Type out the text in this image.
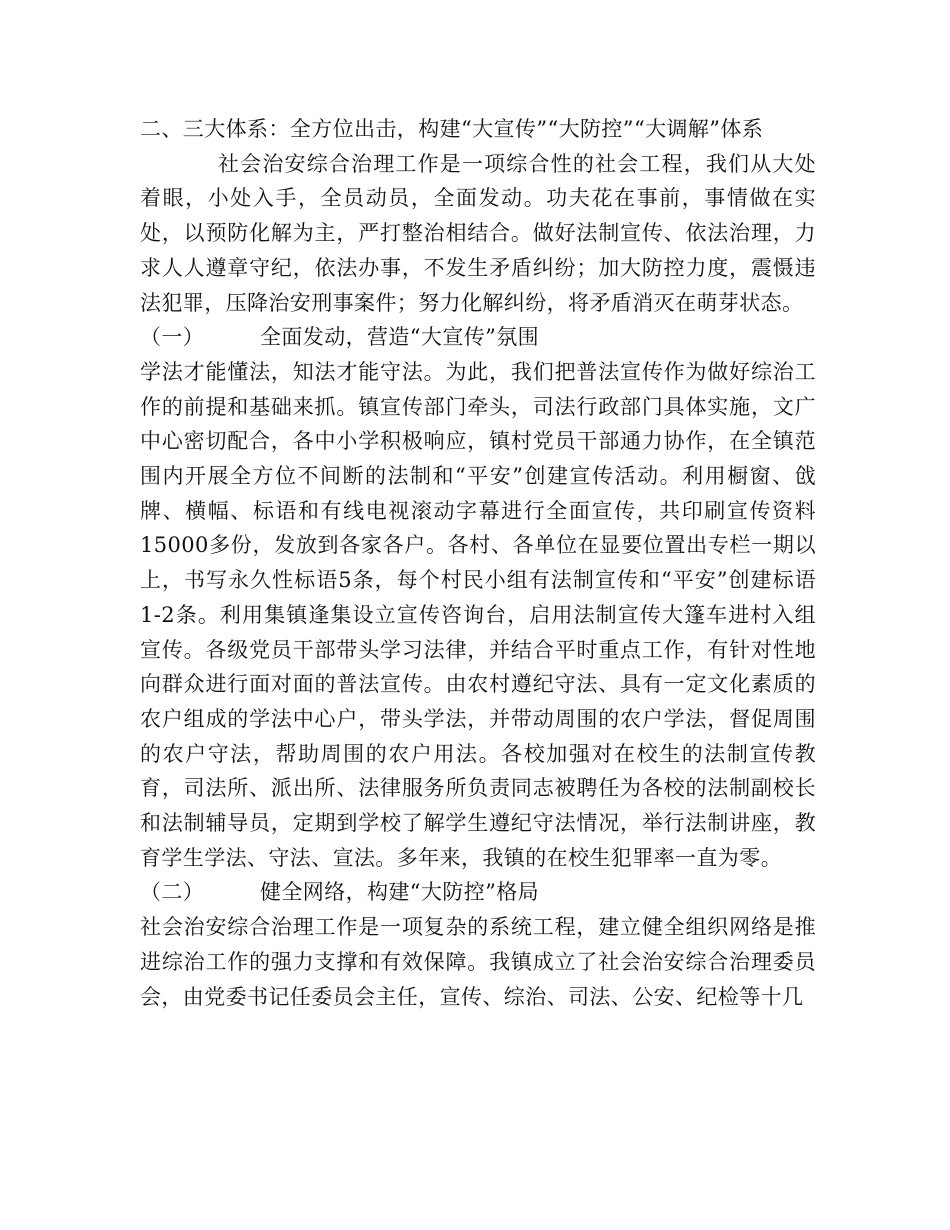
二、三大体系：全方位出击，构建“大宣传”“大防控”“大调解”体系

社会治安综合治理工作是一项综合性的社会工程，我们从大处着眼，小处入手，全员动员，全面发动。功夫花在事前，事情做在实处，以预防化解为主，严打整治相结合。做好法制宣传、依法治理，力求人人遵章守纪，依法办事，不发生矛盾纠纷；加大防控力度，震慑违法犯罪，压降治安刑事案件；努力化解纠纷，将矛盾消灭在萌芽状态。

（一）	全面发动，营造“大宣传”氛围

学法才能懂法，知法才能守法。为此，我们把普法宣传作为做好综治工作的前提和基础来抓。镇宣传部门牵头，司法行政部门具体实施，文广中心密切配合，各中小学积极响应，镇村党员干部通力协作，在全镇范围内开展全方位不间断的法制和“平安”创建宣传活动。利用橱窗、戗牌、横幅、标语和有线电视滚动字幕进行全面宣传，共印刷宣传资料15000多份，发放到各家各户。各村、各单位在显要位置出专栏一期以上，书写永久性标语5条，每个村民小组有法制宣传和“平安”创建标语1-2条。利用集镇逢集设立宣传咨询台，启用法制宣传大篷车进村入组宣传。各级党员干部带头学习法律，并结合平时重点工作，有针对性地向群众进行面对面的普法宣传。由农村遵纪守法、具有一定文化素质的农户组成的学法中心户，带头学法，并带动周围的农户学法，督促周围的农户守法，帮助周围的农户用法。各校加强对在校生的法制宣传教育，司法所、派出所、法律服务所负责同志被聘任为各校的法制副校长和法制辅导员，定期到学校了解学生遵纪守法情况，举行法制讲座，教育学生学法、守法、宣法。多年来，我镇的在校生犯罪率一直为零。

（二）	健全网络，构建“大防控”格局

社会治安综合治理工作是一项复杂的系统工程，建立健全组织网络是推进综治工作的强力支撑和有效保障。我镇成立了社会治安综合治理委员会，由党委书记任委员会主任，宣传、综治、司法、公安、纪检等十几
